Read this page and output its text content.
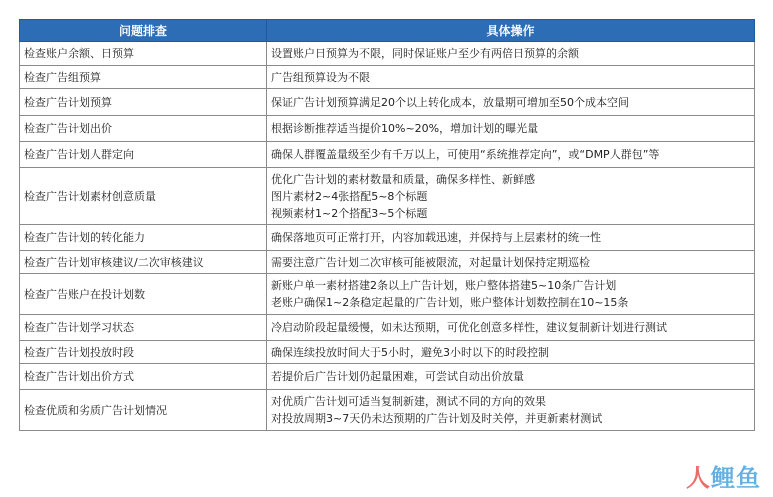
问题排查	具体操作
检查账户余额、日预算	设置账户日预算为不限，同时保证账户至少有两倍日预算的余额

检查广告组预算	广告组预算设为不限

检查广告计划预算	保证广告计划预算满足20个以上转化成本，放量期可增加至50个成本空间

检查广告计划出价	根据诊断推荐适当提价10%~20%，增加计划的曝光量

检查广告计划人群定向	确保人群覆盖量级至少有千万以上，可使用“系统推荐定向”，或“DMP人群包”等

检查广告计划素材创意质量	优化广告计划的素材数量和质量，确保多样性、新鲜感
图片素材2~4张搭配5~8个标题
视频素材1~2个搭配3~5个标题

检查广告计划的转化能力	确保落地页可正常打开，内容加载迅速，并保持与上层素材的统一性

检查广告计划审核建议/二次审核建议	需要注意广告计划二次审核可能被限流，对起量计划保持定期巡检

检查广告账户在投计划数	新账户单一素材搭建2条以上广告计划，账户整体搭建5~10条广告计划
老账户确保1~2条稳定起量的广告计划，账户整体计划数控制在10~15条

检查广告计划学习状态	冷启动阶段起量缓慢，如未达预期，可优化创意多样性，建议复制新计划进行测试

检查广告计划投放时段	确保连续投放时间大于5小时，避免3小时以下的时段控制

检查广告计划出价方式	若提价后广告计划仍起量困难，可尝试自动出价放量

检查优质和劣质广告计划情况	对优质广告计划可适当复制新建，测试不同的方向的效果
对投放周期3~7天仍未达预期的广告计划及时关停，并更新素材测试
人鲤鱼
